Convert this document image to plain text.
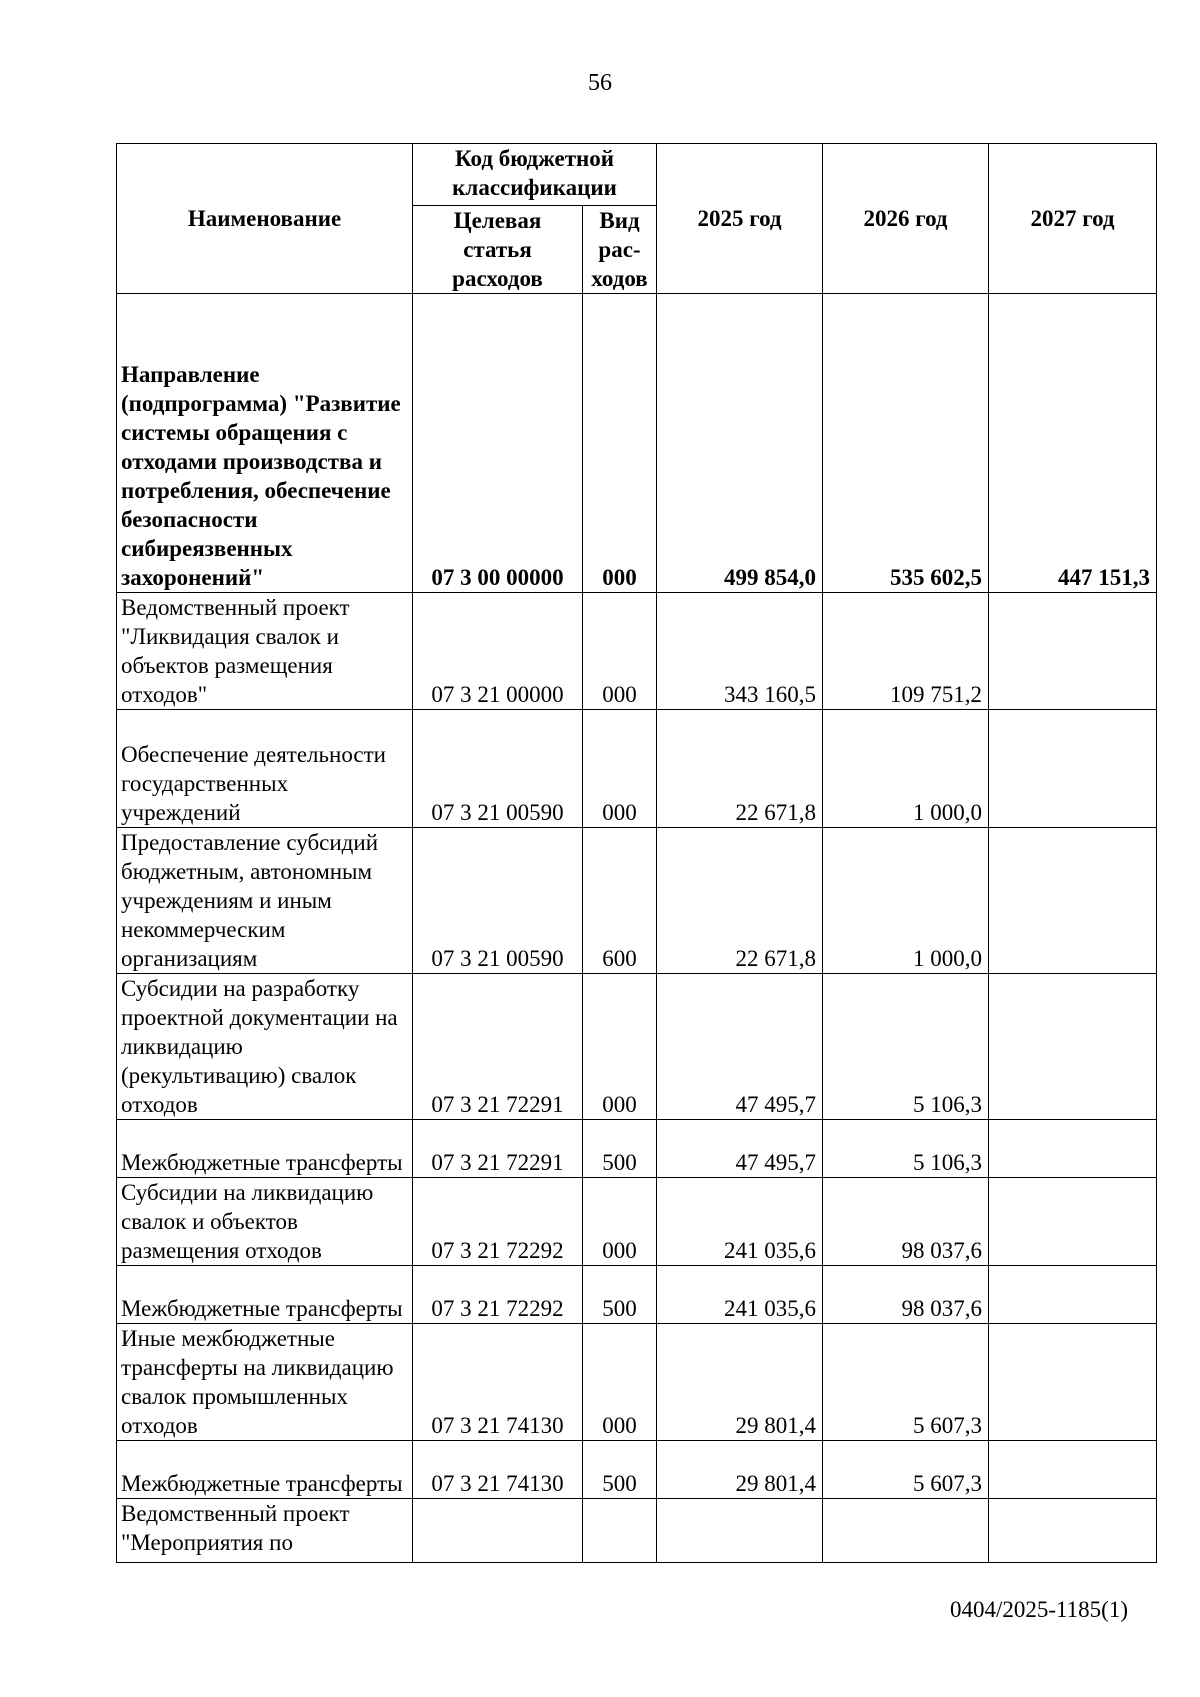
56
Наименование	Код бюджетной классификации		2025 год	2026 год	2027 год
	Целевая статья расходов	Вид рас-ходов			
Направление (подпрограмма) "Развитие системы обращения с отходами производства и потребления, обеспечение безопасности сибиреязвенных захоронений"	07 3 00 00000	000	499 854,0	535 602,5	447 151,3
Ведомственный проект "Ликвидация свалок и объектов размещения отходов"	07 3 21 00000	000	343 160,5	109 751,2	
Обеспечение деятельности государственных учреждений	07 3 21 00590	000	22 671,8	1 000,0	
Предоставление субсидий бюджетным, автономным учреждениям и иным некоммерческим организациям	07 3 21 00590	600	22 671,8	1 000,0	
Субсидии на разработку проектной документации на ликвидацию (рекультивацию) свалок отходов	07 3 21 72291	000	47 495,7	5 106,3	
Межбюджетные трансферты	07 3 21 72291	500	47 495,7	5 106,3	
Субсидии на ликвидацию свалок и объектов размещения отходов	07 3 21 72292	000	241 035,6	98 037,6	
Межбюджетные трансферты	07 3 21 72292	500	241 035,6	98 037,6	
Иные межбюджетные трансферты на ликвидацию свалок промышленных отходов	07 3 21 74130	000	29 801,4	5 607,3	
Межбюджетные трансферты	07 3 21 74130	500	29 801,4	5 607,3	
Ведомственный проект "Мероприятия по					
0404/2025-1185(1)
